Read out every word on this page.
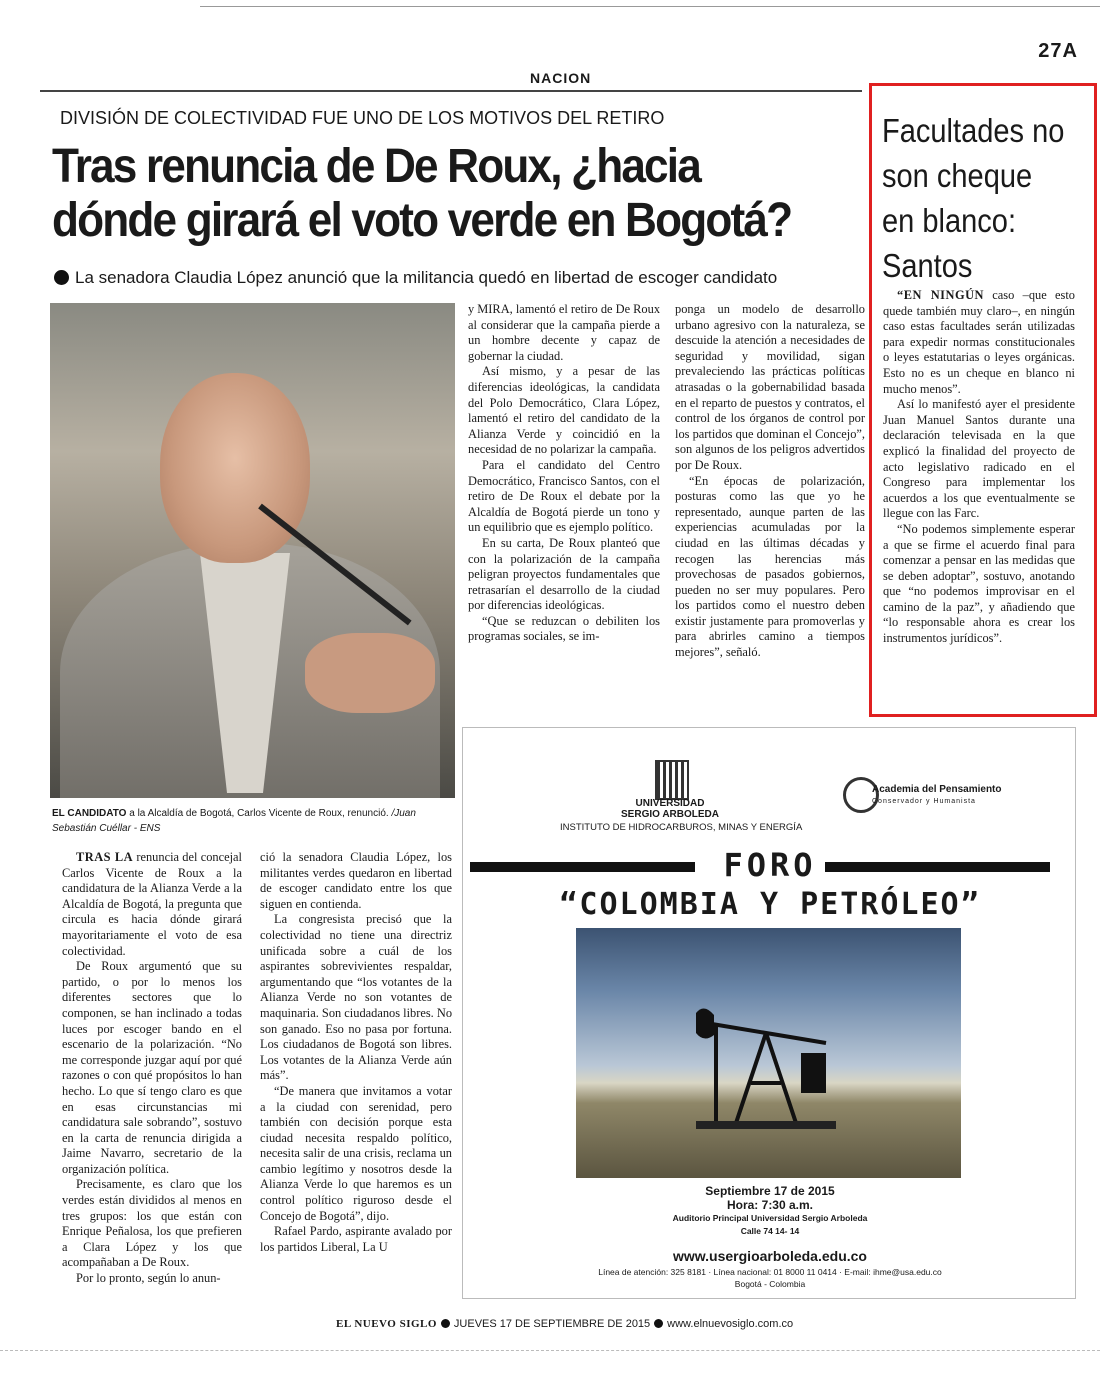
27A
NACION
DIVISIÓN DE COLECTIVIDAD FUE UNO DE LOS MOTIVOS DEL RETIRO
Tras renuncia de De Roux, ¿hacia
dónde girará el voto verde en Bogotá?
La senadora Claudia López anunció que la militancia quedó en libertad de escoger candidato
EL CANDIDATO a la Alcaldía de Bogotá, Carlos Vicente de Roux, renunció. /Juan Sebastián Cuéllar - ENS

TRAS LA renuncia del concejal Carlos Vicente de Roux a la candidatura de la Alianza Verde a la Alcaldía de Bogotá, la pregunta que circula es hacia dónde girará mayoritariamente el voto de esa colectividad.

De Roux argumentó que su partido, o por lo menos los diferentes sectores que lo componen, se han inclinado a todas luces por escoger bando en el escenario de la polarización. “No me corresponde juzgar aquí por qué razones o con qué propósitos lo han hecho. Lo que sí tengo claro es que en esas circunstancias mi candidatura sale sobrando”, sostuvo en la carta de renuncia dirigida a Jaime Navarro, secretario de la organización política.

Precisamente, es claro que los verdes están divididos al menos en tres grupos: los que están con Enrique Peñalosa, los que prefieren a Clara López y los que acompañaban a De Roux.

Por lo pronto, según lo anun-

ció la senadora Claudia López, los militantes verdes quedaron en libertad de escoger candidato entre los que siguen en contienda.

La congresista precisó que la colectividad no tiene una directriz unificada sobre a cuál de los aspirantes sobrevivientes respaldar, argumentando que “los votantes de la Alianza Verde no son votantes de maquinaria. Son ciudadanos libres. No son ganado. Eso no pasa por fortuna. Los ciudadanos de Bogotá son libres. Los votantes de la Alianza Verde aún más”.

“De manera que invitamos a votar a la ciudad con serenidad, pero también con decisión porque esta ciudad necesita respaldo político, necesita salir de una crisis, reclama un cambio legítimo y nosotros desde la Alianza Verde lo que haremos es un control político riguroso desde el Concejo de Bogotá”, dijo.

Rafael Pardo, aspirante avalado por los partidos Liberal, La U

y MIRA, lamentó el retiro de De Roux al considerar que la campaña pierde a un hombre decente y capaz de gobernar la ciudad.

Así mismo, y a pesar de las diferencias ideológicas, la candidata del Polo Democrático, Clara López, lamentó el retiro del candidato de la Alianza Verde y coincidió en la necesidad de no polarizar la campaña.

Para el candidato del Centro Democrático, Francisco Santos, con el retiro de De Roux el debate por la Alcaldía de Bogotá pierde un tono y un equilibrio que es ejemplo político.

En su carta, De Roux planteó que con la polarización de la campaña peligran proyectos fundamentales que retrasarían el desarrollo de la ciudad por diferencias ideológicas.

“Que se reduzcan o debiliten los programas sociales, se im-

ponga un modelo de desarrollo urbano agresivo con la naturaleza, se descuide la atención a necesidades de seguridad y movilidad, sigan prevaleciendo las prácticas políticas atrasadas o la gobernabilidad basada en el reparto de puestos y contratos, el control de los órganos de control por los partidos que dominan el Concejo”, son algunos de los peligros advertidos por De Roux.

“En épocas de polarización, posturas como las que yo he representado, aunque parten de las experiencias acumuladas por la ciudad en las últimas décadas y recogen las herencias más provechosas de pasados gobiernos, pueden no ser muy populares. Pero los partidos como el nuestro deben existir justamente para promoverlas y para abrirles camino a tiempos mejores”, señaló.

Facultades no
son cheque
en blanco:
Santos

“EN NINGÚN caso –que esto quede también muy claro–, en ningún caso estas facultades serán utilizadas para expedir normas constitucionales o leyes estatutarias o leyes orgánicas. Esto no es un cheque en blanco ni mucho menos”.

Así lo manifestó ayer el presidente Juan Manuel Santos durante una declaración televisada en la que explicó la finalidad del proyecto de acto legislativo radicado en el Congreso para implementar los acuerdos a los que eventualmente se llegue con las Farc.

“No podemos simplemente esperar a que se firme el acuerdo final para comenzar a pensar en las medidas que se deben adoptar”, sostuvo, anotando que “no podemos improvisar en el camino de la paz”, y añadiendo que “lo responsable ahora es crear los instrumentos jurídicos”.

UNIVERSIDAD
SERGIO ARBOLEDA
INSTITUTO DE HIDROCARBUROS, MINAS Y ENERGÍA
Academia del Pensamiento
Conservador y Humanista
FORO
“COLOMBIA Y PETRÓLEO”
Septiembre 17 de 2015
Hora: 7:30 a.m.
Auditorio Principal Universidad Sergio Arboleda
Calle 74 14- 14
www.usergioarboleda.edu.co
Línea de atención: 325 8181 · Línea nacional: 01 8000 11 0414 · E-mail: ihme@usa.edu.co
Bogotá - Colombia
EL NUEVO SIGLO JUEVES 17 DE SEPTIEMBRE DE 2015 www.elnuevosiglo.com.co
